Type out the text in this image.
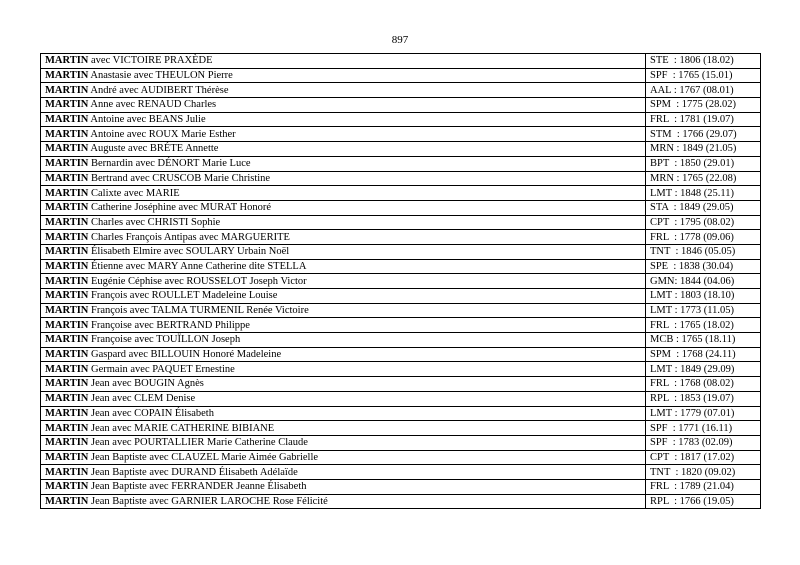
897
MARTIN avec VICTOIRE PRAXÈDE	STE  : 1806 (18.02)
MARTIN Anastasie avec THEULON Pierre	SPF  : 1765 (15.01)
MARTIN André avec AUDIBERT Thérèse	AAL : 1767 (08.01)
MARTIN Anne avec RENAUD Charles	SPM  : 1775 (28.02)
MARTIN Antoine avec BEANS Julie	FRL  : 1781 (19.07)
MARTIN Antoine avec ROUX Marie Esther	STM  : 1766 (29.07)
MARTIN Auguste avec BRÉTE Annette	MRN : 1849 (21.05)
MARTIN Bernardin avec DÉNORT Marie Luce	BPT  : 1850 (29.01)
MARTIN Bertrand avec CRUSCOB Marie Christine	MRN : 1765 (22.08)
MARTIN Calixte avec MARIE	LMT : 1848 (25.11)
MARTIN Catherine Joséphine avec MURAT Honoré	STA  : 1849 (29.05)
MARTIN Charles avec CHRISTI Sophie	CPT  : 1795 (08.02)
MARTIN Charles François Antipas avec MARGUERITE	FRL  : 1778 (09.06)
MARTIN Élisabeth Elmire avec SOULARY Urbain Noël	TNT  : 1846 (05.05)
MARTIN Étienne avec MARY Anne Catherine dite STELLA	SPE  : 1838 (30.04)
MARTIN Eugénie Céphise avec ROUSSELOT Joseph Victor	GMN: 1844 (04.06)
MARTIN François avec ROULLET Madeleine Louise	LMT : 1803 (18.10)
MARTIN François avec TALMA TURMENIL Renée Victoire	LMT : 1773 (11.05)
MARTIN Françoise avec BERTRAND Philippe	FRL  : 1765 (18.02)
MARTIN Françoise avec TOUÏLLON Joseph	MCB : 1765 (18.11)
MARTIN Gaspard avec BILLOUIN Honoré Madeleine	SPM  : 1768 (24.11)
MARTIN Germain avec PAQUET Ernestine	LMT : 1849 (29.09)
MARTIN Jean avec BOUGIN Agnès	FRL  : 1768 (08.02)
MARTIN Jean avec CLEM Denise	RPL  : 1853 (19.07)
MARTIN Jean avec COPAIN Élisabeth	LMT : 1779 (07.01)
MARTIN Jean avec MARIE CATHERINE BIBIANE	SPF  : 1771 (16.11)
MARTIN Jean avec POURTALLIER Marie Catherine Claude	SPF  : 1783 (02.09)
MARTIN Jean Baptiste avec CLAUZEL Marie Aimée Gabrielle	CPT  : 1817 (17.02)
MARTIN Jean Baptiste avec DURAND Élisabeth Adélaïde	TNT  : 1820 (09.02)
MARTIN Jean Baptiste avec FERRANDER Jeanne Élisabeth	FRL  : 1789 (21.04)
MARTIN Jean Baptiste avec GARNIER LAROCHE Rose Félicité	RPL  : 1766 (19.05)
